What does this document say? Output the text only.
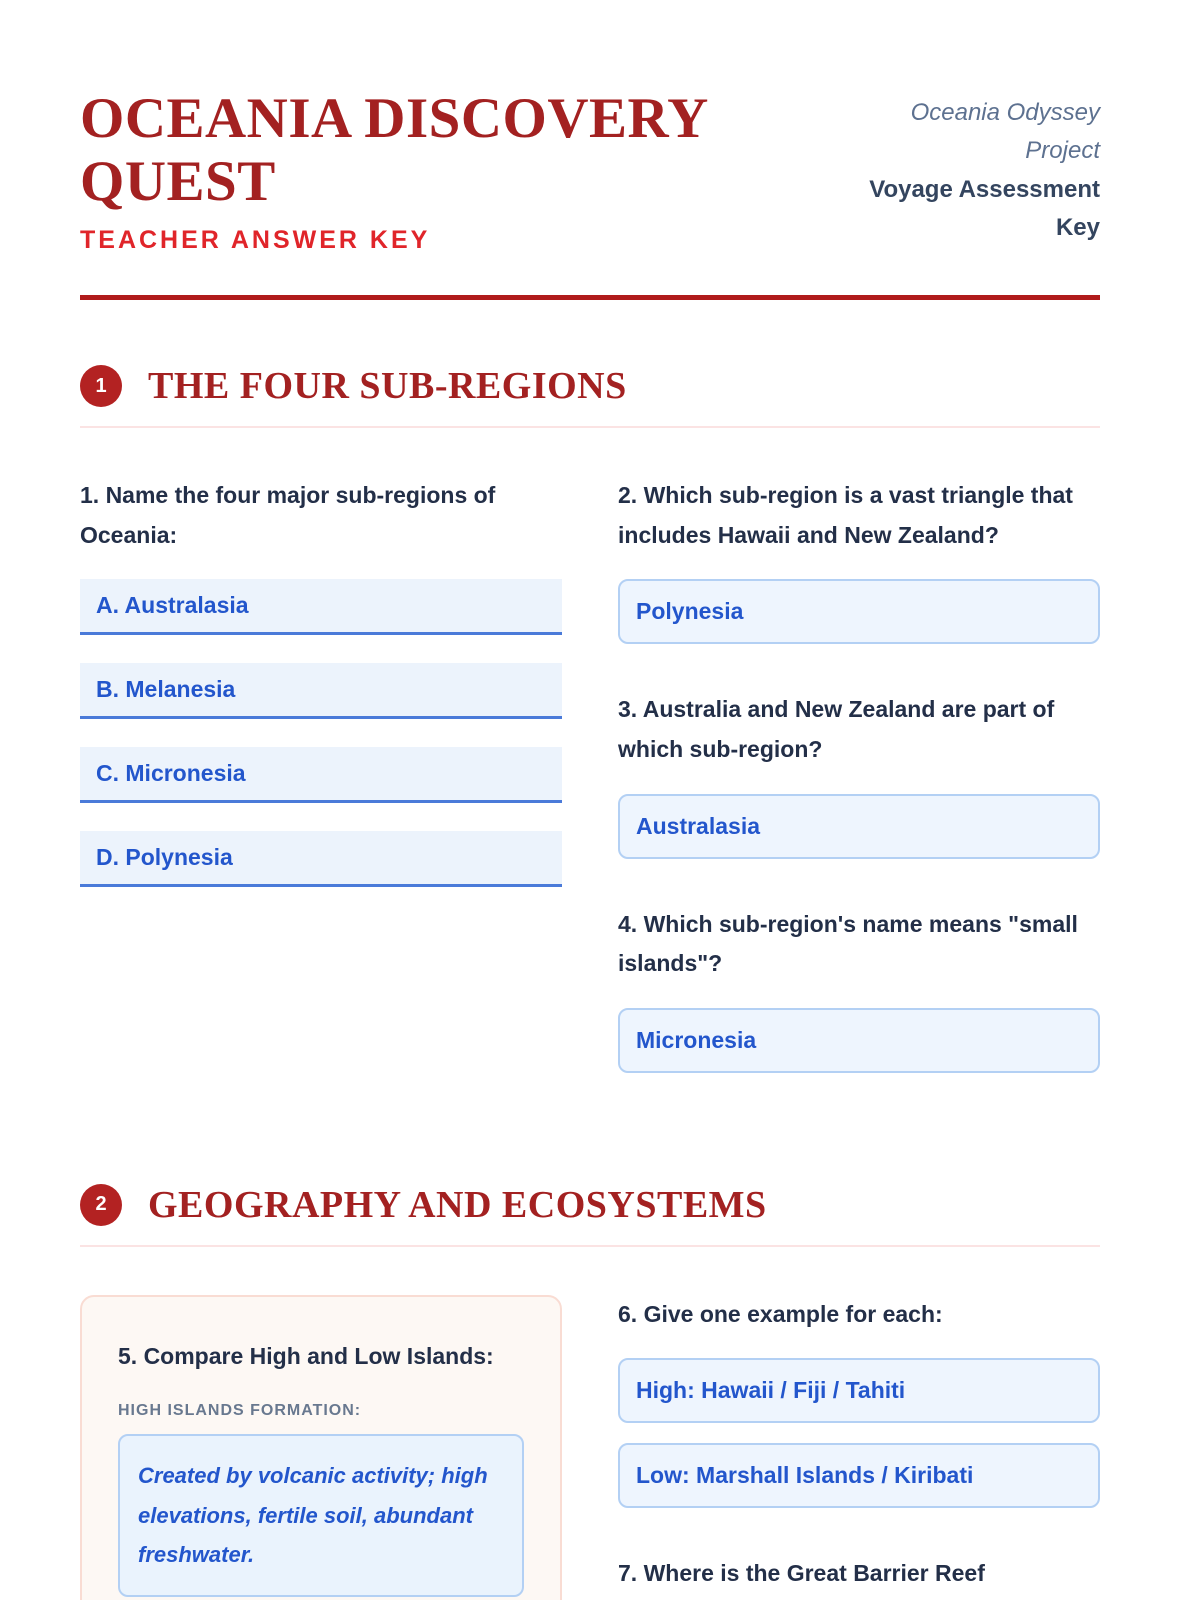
OCEANIA DISCOVERY QUEST
TEACHER ANSWER KEY
Oceania Odyssey Project
Voyage Assessment Key
1	THE FOUR SUB-REGIONS
1. Name the four major sub-regions of Oceania:
A. Australasia
B. Melanesia
C. Micronesia
D. Polynesia
2. Which sub-region is a vast triangle that includes Hawaii and New Zealand?
Polynesia
3. Australia and New Zealand are part of which sub-region?
Australasia
4. Which sub-region's name means "small islands"?
Micronesia
2	GEOGRAPHY AND ECOSYSTEMS
5. Compare High and Low Islands:
HIGH ISLANDS FORMATION:
Created by volcanic activity; high elevations, fertile soil, abundant freshwater.
6. Give one example for each:
High: Hawaii / Fiji / Tahiti
Low: Marshall Islands / Kiribati
7. Where is the Great Barrier Reef
